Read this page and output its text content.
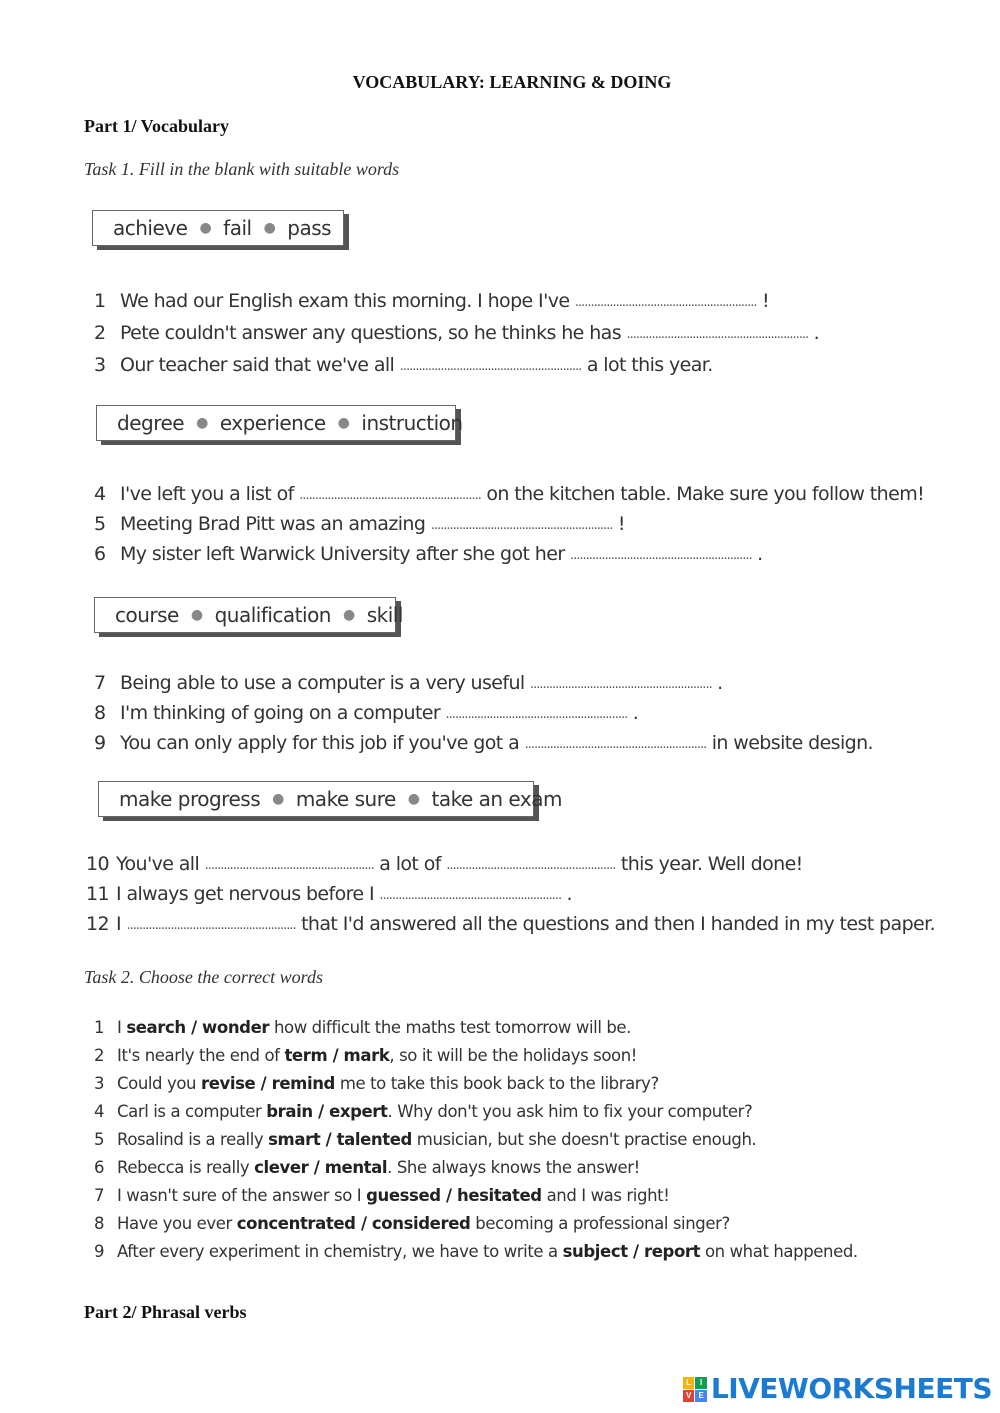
VOCABULARY: LEARNING & DOING
Part 1/ Vocabulary
Task 1. Fill in the blank with suitable words
achieve ● fail ● pass
1 We had our English exam this morning. I hope I've .......................................................... !
2 Pete couldn't answer any questions, so he thinks he has .......................................................... .
3 Our teacher said that we've all .......................................................... a lot this year.
degree ● experience ● instruction
4 I've left you a list of .......................................................... on the kitchen table. Make sure you follow them!
5 Meeting Brad Pitt was an amazing .......................................................... !
6 My sister left Warwick University after she got her .......................................................... .
course ● qualification ● skill
7 Being able to use a computer is a very useful .......................................................... .
8 I'm thinking of going on a computer .......................................................... .
9 You can only apply for this job if you've got a .......................................................... in website design.
make progress ● make sure ● take an exam
10 You've all ...................................................... a lot of ...................................................... this year. Well done!
11 I always get nervous before I .......................................................... .
12 I ...................................................... that I'd answered all the questions and then I handed in my test paper.
Task 2. Choose the correct words
1 I search / wonder how difficult the maths test tomorrow will be.
2 It's nearly the end of term / mark, so it will be the holidays soon!
3 Could you revise / remind me to take this book back to the library?
4 Carl is a computer brain / expert. Why don't you ask him to fix your computer?
5 Rosalind is a really smart / talented musician, but she doesn't practise enough.
6 Rebecca is really clever / mental. She always knows the answer!
7 I wasn't sure of the answer so I guessed / hesitated and I was right!
8 Have you ever concentrated / considered becoming a professional singer?
9 After every experiment in chemistry, we have to write a subject / report on what happened.
Part 2/ Phrasal verbs
L	I
V E LIVEWORKSHEETS
